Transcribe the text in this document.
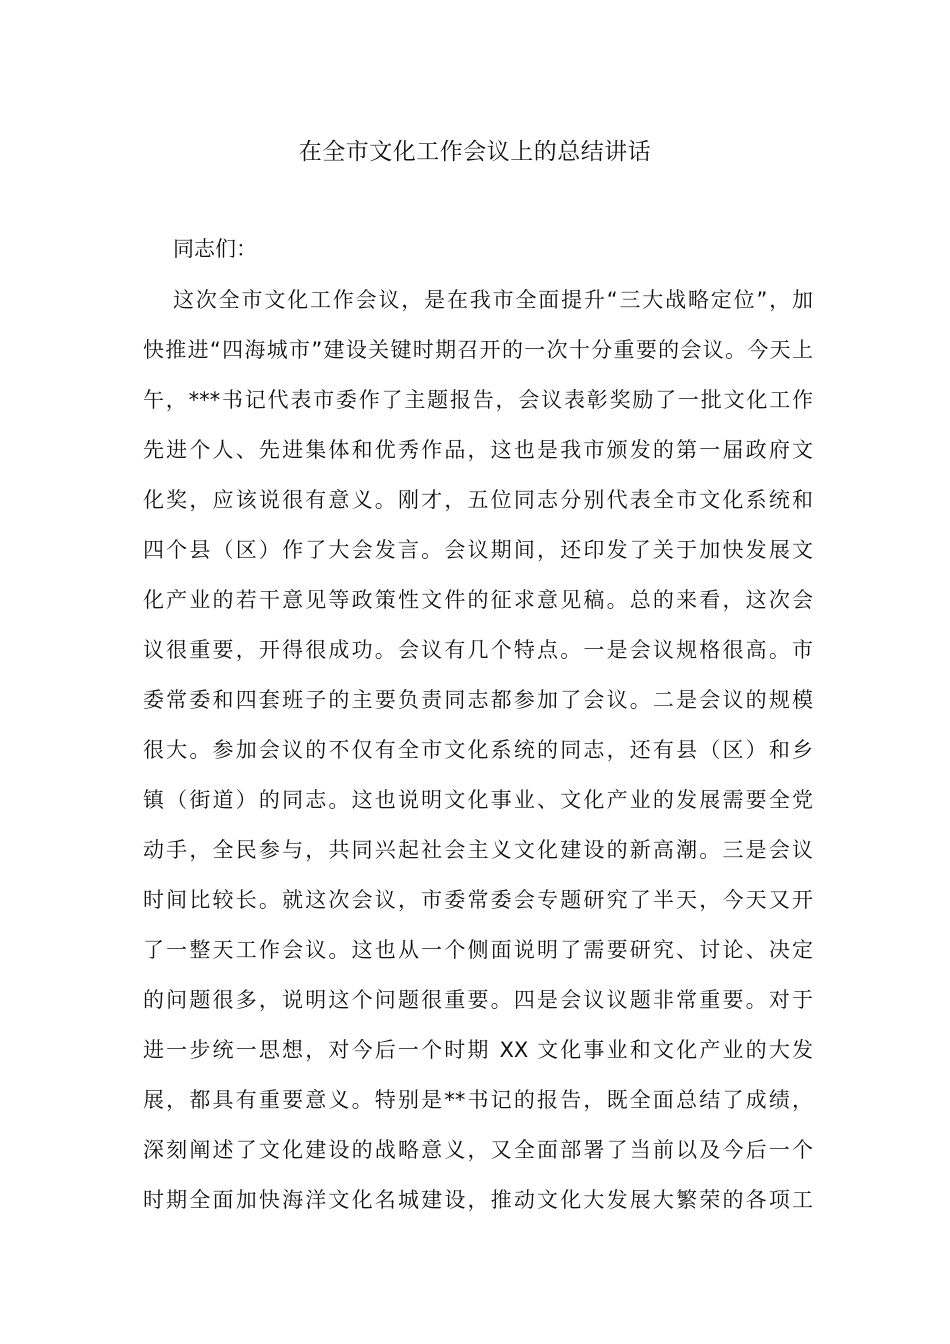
在全市文化工作会议上的总结讲话
同志们：
这次全市文化工作会议，是在我市全面提升“三大战略定位”，加
快推进“四海城市”建设关键时期召开的一次十分重要的会议。今天上
午，***书记代表市委作了主题报告，会议表彰奖励了一批文化工作
先进个人、先进集体和优秀作品，这也是我市颁发的第一届政府文
化奖，应该说很有意义。刚才，五位同志分别代表全市文化系统和
四个县（区）作了大会发言。会议期间，还印发了关于加快发展文
化产业的若干意见等政策性文件的征求意见稿。总的来看，这次会
议很重要，开得很成功。会议有几个特点。一是会议规格很高。市
委常委和四套班子的主要负责同志都参加了会议。二是会议的规模
很大。参加会议的不仅有全市文化系统的同志，还有县（区）和乡
镇（街道）的同志。这也说明文化事业、文化产业的发展需要全党
动手，全民参与，共同兴起社会主义文化建设的新高潮。三是会议
时间比较长。就这次会议，市委常委会专题研究了半天，今天又开
了一整天工作会议。这也从一个侧面说明了需要研究、讨论、决定
的问题很多，说明这个问题很重要。四是会议议题非常重要。对于
进一步统一思想，对今后一个时期 XX 文化事业和文化产业的大发
展，都具有重要意义。特别是**书记的报告，既全面总结了成绩，
深刻阐述了文化建设的战略意义，又全面部署了当前以及今后一个
时期全面加快海洋文化名城建设，推动文化大发展大繁荣的各项工
